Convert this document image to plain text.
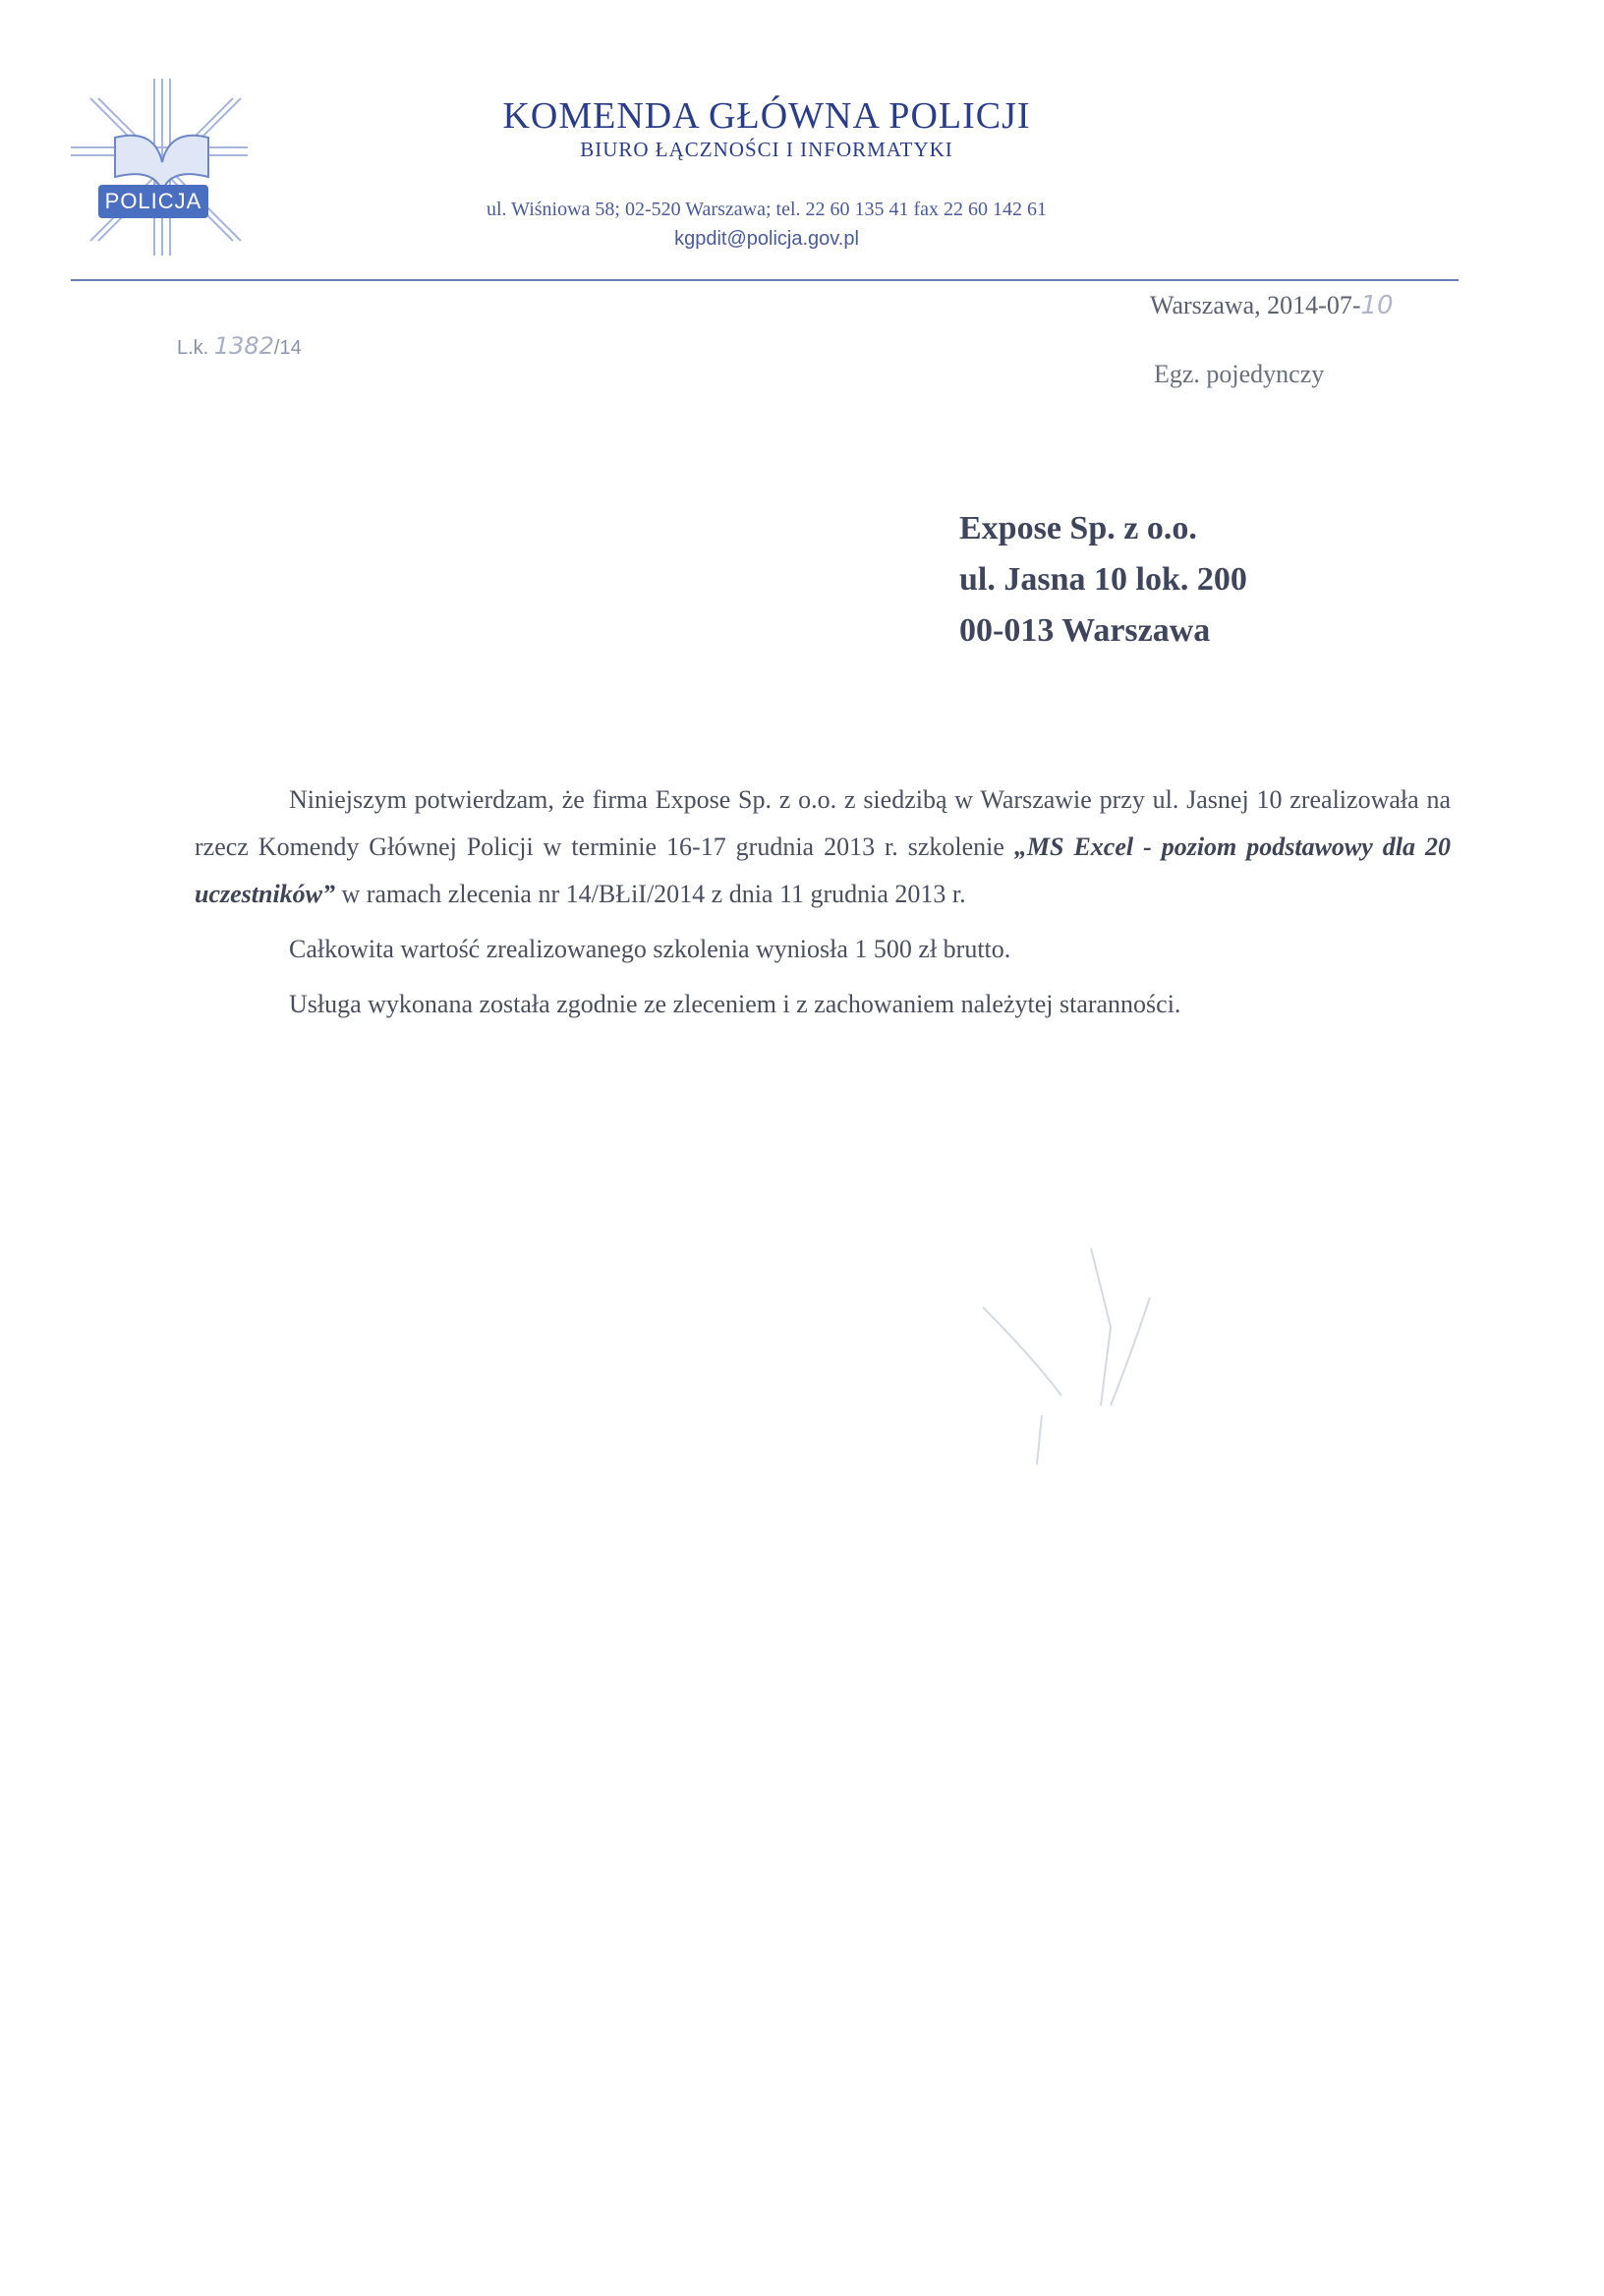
POLICJA
KOMENDA GŁÓWNA POLICJI
BIURO ŁĄCZNOŚCI I INFORMATYKI
ul. Wiśniowa 58; 02-520 Warszawa; tel. 22 60 135 41 fax 22 60 142 61
kgpdit@policja.gov.pl
L.k. 1382/14
Warszawa, 2014-07-10
Egz. pojedynczy
Expose Sp. z o.o.
ul. Jasna 10 lok. 200
00-013 Warszawa

Niniejszym potwierdzam, że firma Expose Sp. z o.o. z siedzibą w Warszawie przy ul. Jasnej 10 zrealizowała na rzecz Komendy Głównej Policji w terminie 16-17 grudnia 2013 r. szkolenie „MS Excel - poziom podstawowy dla 20 uczestników” w ramach zlecenia nr 14/BŁiI/2014 z dnia 11 grudnia 2013 r.

Całkowita wartość zrealizowanego szkolenia wyniosła 1 500 zł brutto.

Usługa wykonana została zgodnie ze zleceniem i z zachowaniem należytej staranności.
